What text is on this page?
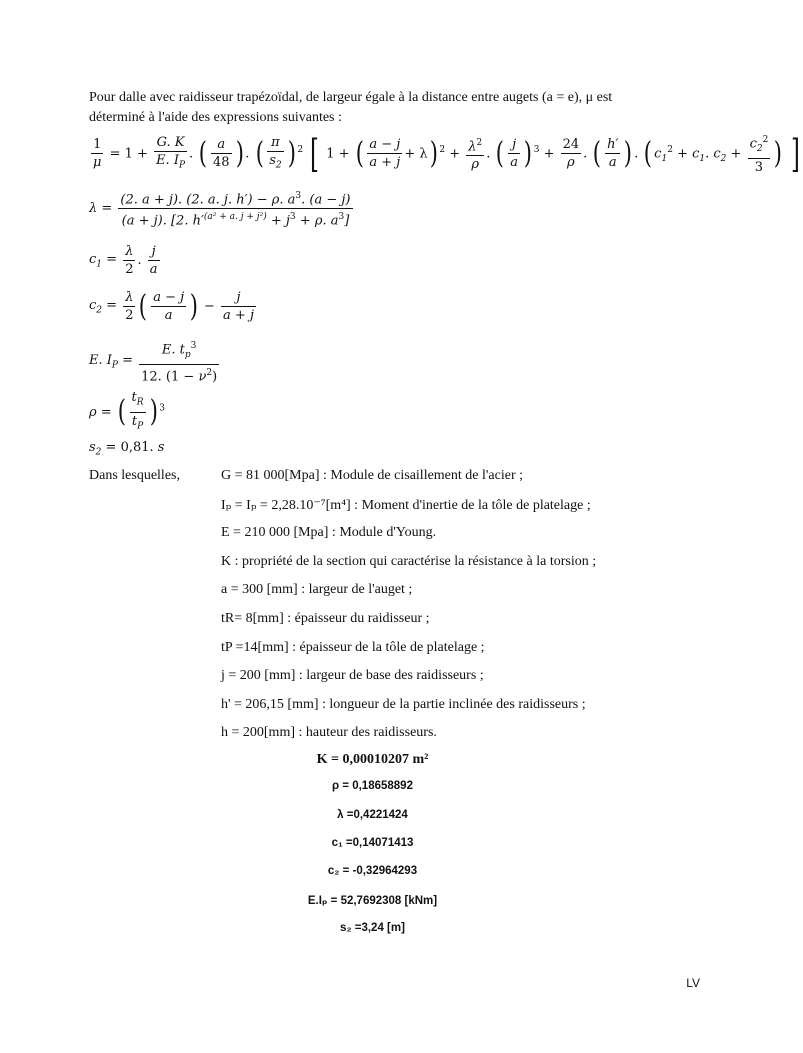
Pour dalle avec raidisseur trapézoïdal, de largeur égale à la distance entre augets (a = e), μ est déterminé à l'aide des expressions suivantes :
$\frac{1}{\mu} = 1 + \frac{G. K}{E. I_P}$ . ( $\frac{a}{48}$ ) . ( $\frac{\pi}{s_2}$ ) $^2$ [ 1 + ( $\frac{a - j}{a + j} + \lambda$) $^2 + \frac{\lambda^2}{\rho}$ . ( $\frac{j}{a}$ ) $^3 + \frac{24}{\rho}$ . ( $\frac{h'}{a}$ ) . ( $c_1^2 + c_1$. $c_2 + \frac{c_2^2}{3}$ ) ]
$\lambda = \frac{(2. a + j). (2. a. j. h') - \rho. a^3. (a - j)}{(a + j). [2. h'^{(a^2 + a. j + j^2)} + j^3 + \rho. a^3]}$
$c_1 = \frac{\lambda}{2}$ . $\frac{j}{a}$
$c_2 = \frac{\lambda}{2}$ ( $\frac{a - j}{a}$ ) − $\frac{j}{a + j}$
E. $I_P = \frac{E. t_p^3}{12. (1 - \nu^2)}$
ρ = ( $\frac{t_R}{t_P}$ ) $^3$
$s_2 = 0,81$. s
Dans lesquelles,	G = 81 000[Mpa] : Module de cisaillement de l'acier ;
Iₚ = Iₚ = 2,28.10⁻⁷[m⁴] : Moment d'inertie de la tôle de platelage ;
E = 210 000 [Mpa] : Module d'Young.
K : propriété de la section qui caractérise la résistance à la torsion ;
a = 300 [mm] : largeur de l'auget ;
tR= 8[mm] : épaisseur du raidisseur ;
tP =14[mm] : épaisseur de la tôle de platelage ;
j = 200 [mm] : largeur de base des raidisseurs ;
h' = 206,15 [mm] : longueur de la partie inclinée des raidisseurs ;
h = 200[mm] : hauteur des raidisseurs.
K = 0,00010207 m²
ρ = 0,18658892
λ =0,4221424
c₁ =0,14071413
c₂ = -0,32964293
E.Iₚ = 52,7692308 [kNm]
s₂ =3,24 [m]
LV
